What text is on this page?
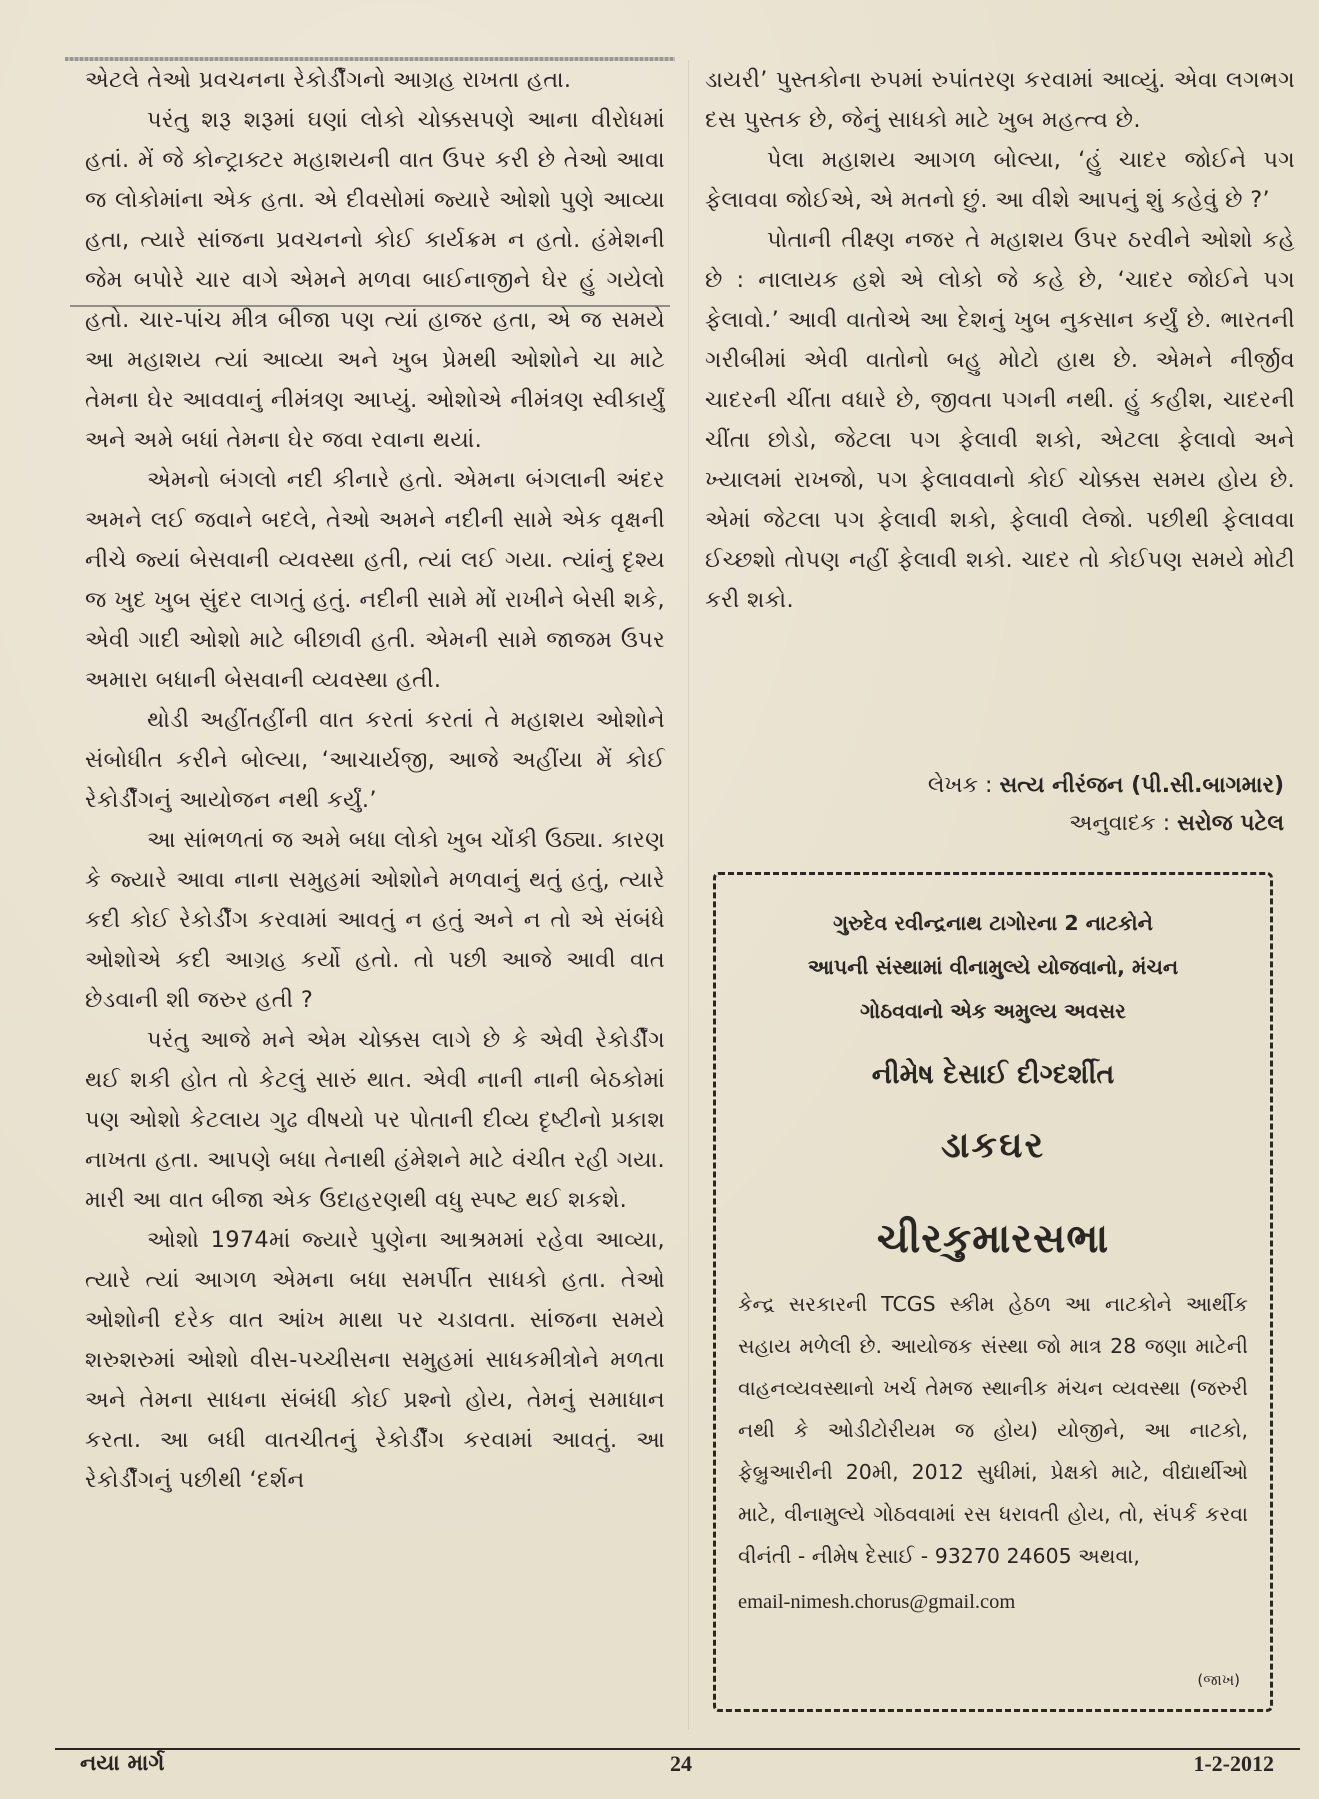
એટલે તેઓ પ્રવચનના રેકોર્ડીંગનો આગ્રહ રાખતા હતા.

પરંતુ શરૂ શરૂમાં ઘણાં લોકો ચોક્કસપણે આના વીરોધમાં હતાં. મેં જે કોન્ટ્રાક્ટર મહાશયની વાત ઉપર કરી છે તેઓ આવા જ લોકોમાંના એક હતા. એ દીવસોમાં જ્યારે ઓશો પુણે આવ્યા હતા, ત્યારે સાંજના પ્રવચનનો કોઈ કાર્યક્રમ ન હતો. હંમેશની જેમ બપોરે ચાર વાગે એમને મળવા બાઈનાજીને ઘેર હું ગયેલો હતો. ચાર-પાંચ મીત્ર બીજા પણ ત્યાં હાજર હતા, એ જ સમયે આ મહાશય ત્યાં આવ્યા અને ખુબ પ્રેમથી ઓશોને ચા માટે તેમના ઘેર આવવાનું નીમંત્રણ આપ્યું. ઓશોએ નીમંત્રણ સ્વીકાર્યું અને અમે બધાં તેમના ઘેર જવા રવાના થયાં.

એમનો બંગલો નદી કીનારે હતો. એમના બંગલાની અંદર અમને લઈ જવાને બદલે, તેઓ અમને નદીની સામે એક વૃક્ષની નીચે જ્યાં બેસવાની વ્યવસ્થા હતી, ત્યાં લઈ ગયા. ત્યાંનું દૃશ્ય જ ખુદ ખુબ સુંદર લાગતું હતું. નદીની સામે મોં રાખીને બેસી શકે, એવી ગાદી ઓશો માટે બીછાવી હતી. એમની સામે જાજમ ઉપર અમારા બધાની બેસવાની વ્યવસ્થા હતી.

થોડી અહીંતહીંની વાત કરતાં કરતાં તે મહાશય ઓશોને સંબોધીત કરીને બોલ્યા, ‘આચાર્યજી, આજે અહીંયા મેં કોઈ રેકોર્ડીંગનું આયોજન નથી કર્યું.’

આ સાંભળતાં જ અમે બધા લોકો ખુબ ચોંકી ઉઠ્યા. કારણ કે જ્યારે આવા નાના સમુહમાં ઓશોને મળવાનું થતું હતું, ત્યારે કદી કોઈ રેકોર્ડીંગ કરવામાં આવતું ન હતું અને ન તો એ સંબંધે ઓશોએ કદી આગ્રહ કર્યો હતો. તો પછી આજે આવી વાત છેડવાની શી જરુર હતી ?

પરંતુ આજે મને એમ ચોક્કસ લાગે છે કે એવી રેકોર્ડીંગ થઈ શકી હોત તો કેટલું સારું થાત. એવી નાની નાની બેઠકોમાં પણ ઓશો કેટલાય ગુઢ વીષયો પર પોતાની દીવ્ય દૃષ્ટીનો પ્રકાશ નાખતા હતા. આપણે બધા તેનાથી હંમેશને માટે વંચીત રહી ગયા. મારી આ વાત બીજા એક ઉદાહરણથી વધુ સ્પષ્ટ થઈ શકશે.

ઓશો 1974માં જ્યારે પુણેના આશ્રમમાં રહેવા આવ્યા, ત્યારે ત્યાં આગળ એમના બધા સમર્પીત સાધકો હતા. તેઓ ઓશોની દરેક વાત આંખ માથા પર ચડાવતા. સાંજના સમયે શરુશરુમાં ઓશો વીસ-પચ્ચીસના સમુહમાં સાધકમીત્રોને મળતા અને તેમના સાધના સંબંધી કોઈ પ્રશ્નો હોય, તેમનું સમાધાન કરતા. આ બધી વાતચીતનું રેકોર્ડીંગ કરવામાં આવતું. આ રેકોર્ડીંગનું પછીથી ‘દર્શન

ડાયરી’ પુસ્તકોના રુપમાં રુપાંતરણ કરવામાં આવ્યું. એવા લગભગ દસ પુસ્તક છે, જેનું સાધકો માટે ખુબ મહત્ત્વ છે.

પેલા મહાશય આગળ બોલ્યા, ‘હું ચાદર જોઈને પગ ફેલાવવા જોઈએ, એ મતનો છું. આ વીશે આપનું શું કહેવું છે ?’

પોતાની તીક્ષ્ણ નજર તે મહાશય ઉપર ઠરવીને ઓશો કહે છે : નાલાયક હશે એ લોકો જે કહે છે, ‘ચાદર જોઈને પગ ફેલાવો.’ આવી વાતોએ આ દેશનું ખુબ નુકસાન કર્યું છે. ભારતની ગરીબીમાં એવી વાતોનો બહુ મોટો હાથ છે. એમને નીર્જીવ ચાદરની ચીંતા વધારે છે, જીવતા પગની નથી. હું કહીશ, ચાદરની ચીંતા છોડો, જેટલા પગ ફેલાવી શકો, એટલા ફેલાવો અને ખ્યાલમાં રાખજો, પગ ફેલાવવાનો કોઈ ચોક્કસ સમય હોય છે. એમાં જેટલા પગ ફેલાવી શકો, ફેલાવી લેજો. પછીથી ફેલાવવા ઈચ્છશો તોપણ નહીં ફેલાવી શકો. ચાદર તો કોઈપણ સમયે મોટી કરી શકો.

લેખક : સત્ય નીરંજન (પી.સી.બાગમાર)
અનુવાદક : સરોજ પટેલ

ગુરુદેવ રવીન્દ્રનાથ ટાગોરના 2 નાટકોને

આપની સંસ્થામાં વીનામુલ્યે યોજવાનો, મંચન

ગોઠવવાનો એક અમુલ્ય અવસર

નીમેષ દેસાઈ દીગ્દર્શીત

ડાકઘર

ચીરકુમારસભા

કેન્દ્ર સરકારની TCGS સ્કીમ હેઠળ આ નાટકોને આર્થીક સહાય મળેલી છે. આયોજક સંસ્થા જો માત્ર 28 જણા માટેની વાહનવ્યવસ્થાનો ખર્ચ તેમજ સ્થાનીક મંચન વ્યવસ્થા (જરુરી નથી કે ઓડીટોરીયમ જ હોય) યોજીને, આ નાટકો, ફેબ્રુઆરીની 20મી, 2012 સુધીમાં, પ્રેક્ષકો માટે, વીદ્યાર્થીઓ માટે, વીનામુલ્યે ગોઠવવામાં રસ ધરાવતી હોય, તો, સંપર્ક કરવા વીનંતી - નીમેષ દેસાઈ - 93270 24605 અથવા,

email-nimesh.chorus@gmail.com

(જાખ)
નયા માર્ગ	24	1-2-2012
